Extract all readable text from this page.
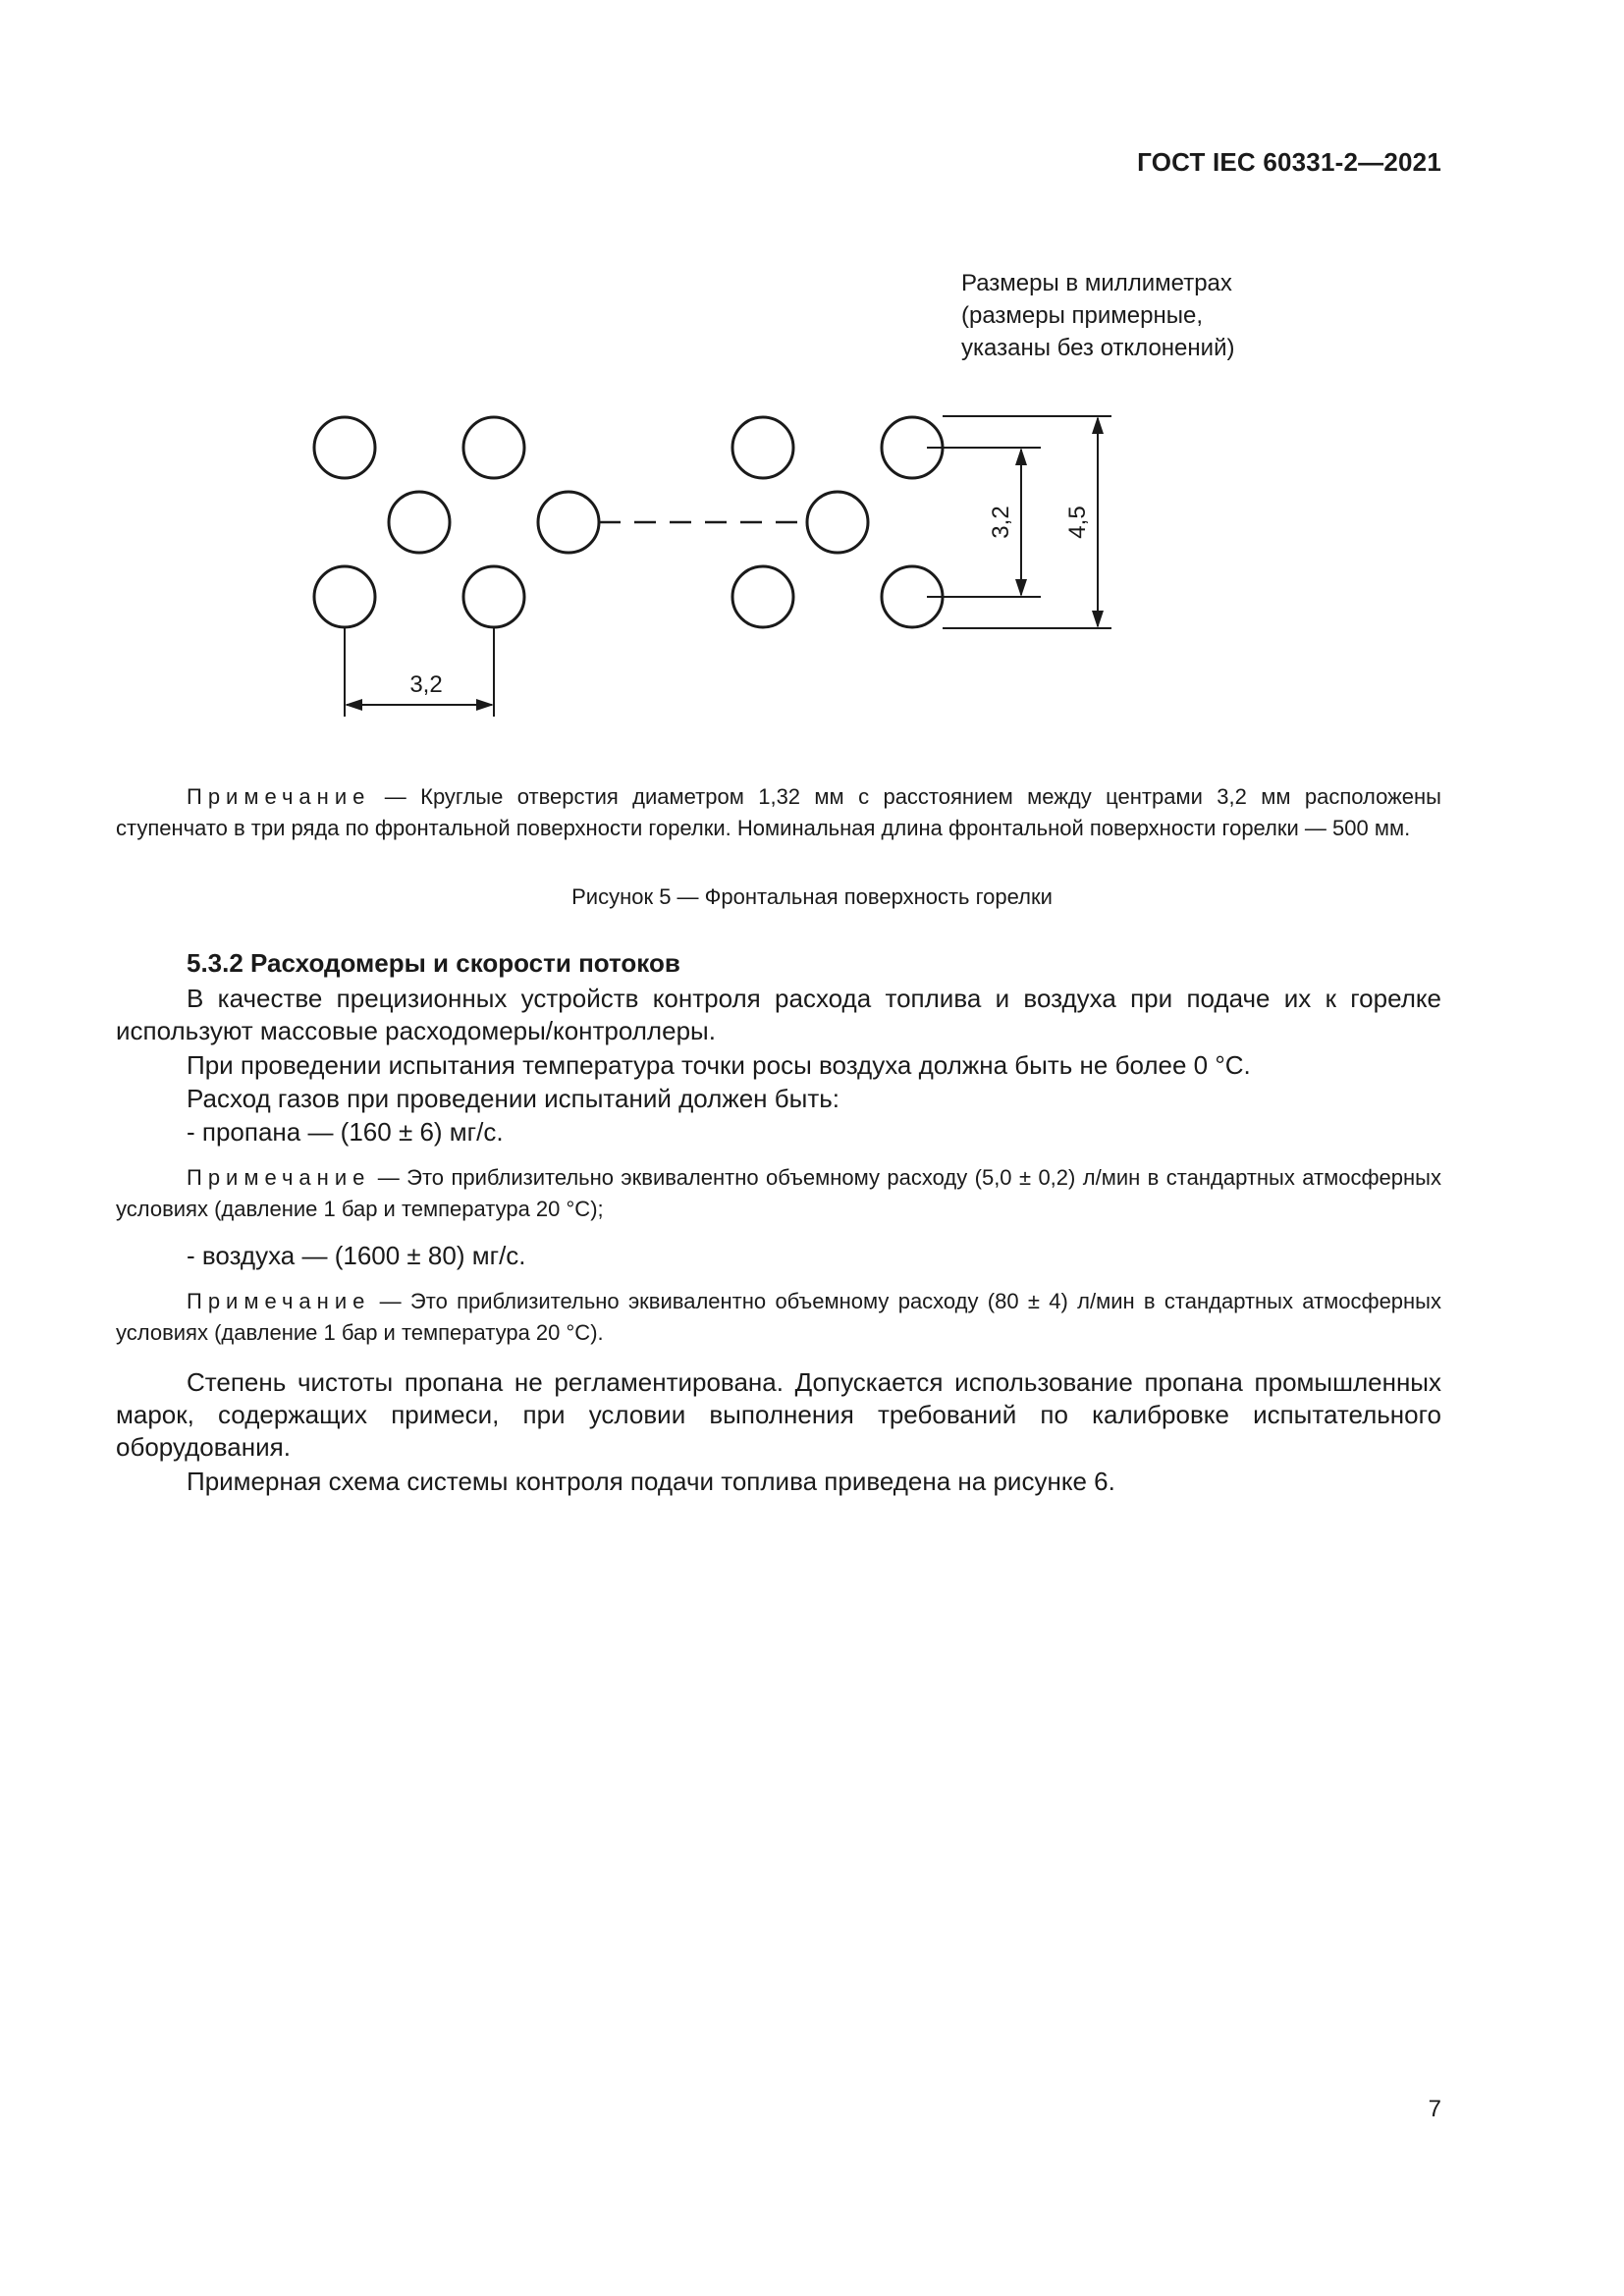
ГОСТ IEC 60331-2—2021
Размеры в миллиметрах
(размеры примерные,
указаны без отклонений)
3,2
3,2 4,5
Примечание — Круглые отверстия диаметром 1,32 мм с расстоянием между центрами 3,2 мм расположены ступенчато в три ряда по фронтальной поверхности горелки. Номинальная длина фронтальной поверхности горелки — 500 мм.
Рисунок 5 — Фронтальная поверхность горелки
5.3.2 Расходомеры и скорости потоков
В качестве прецизионных устройств контроля расхода топлива и воздуха при подаче их к горелке используют массовые расходомеры/контроллеры.
При проведении испытания температура точки росы воздуха должна быть не более 0 °C.
Расход газов при проведении испытаний должен быть:
- пропана — (160 ± 6) мг/с.
Примечание — Это приблизительно эквивалентно объемному расходу (5,0 ± 0,2) л/мин в стандартных атмосферных условиях (давление 1 бар и температура 20 °С);
- воздуха — (1600 ± 80) мг/с.
Примечание — Это приблизительно эквивалентно объемному расходу (80 ± 4) л/мин в стандартных атмосферных условиях (давление 1 бар и температура 20 °С).
Степень чистоты пропана не регламентирована. Допускается использование пропана промышленных марок, содержащих примеси, при условии выполнения требований по калибровке испытательного оборудования.
Примерная схема системы контроля подачи топлива приведена на рисунке 6.
7
